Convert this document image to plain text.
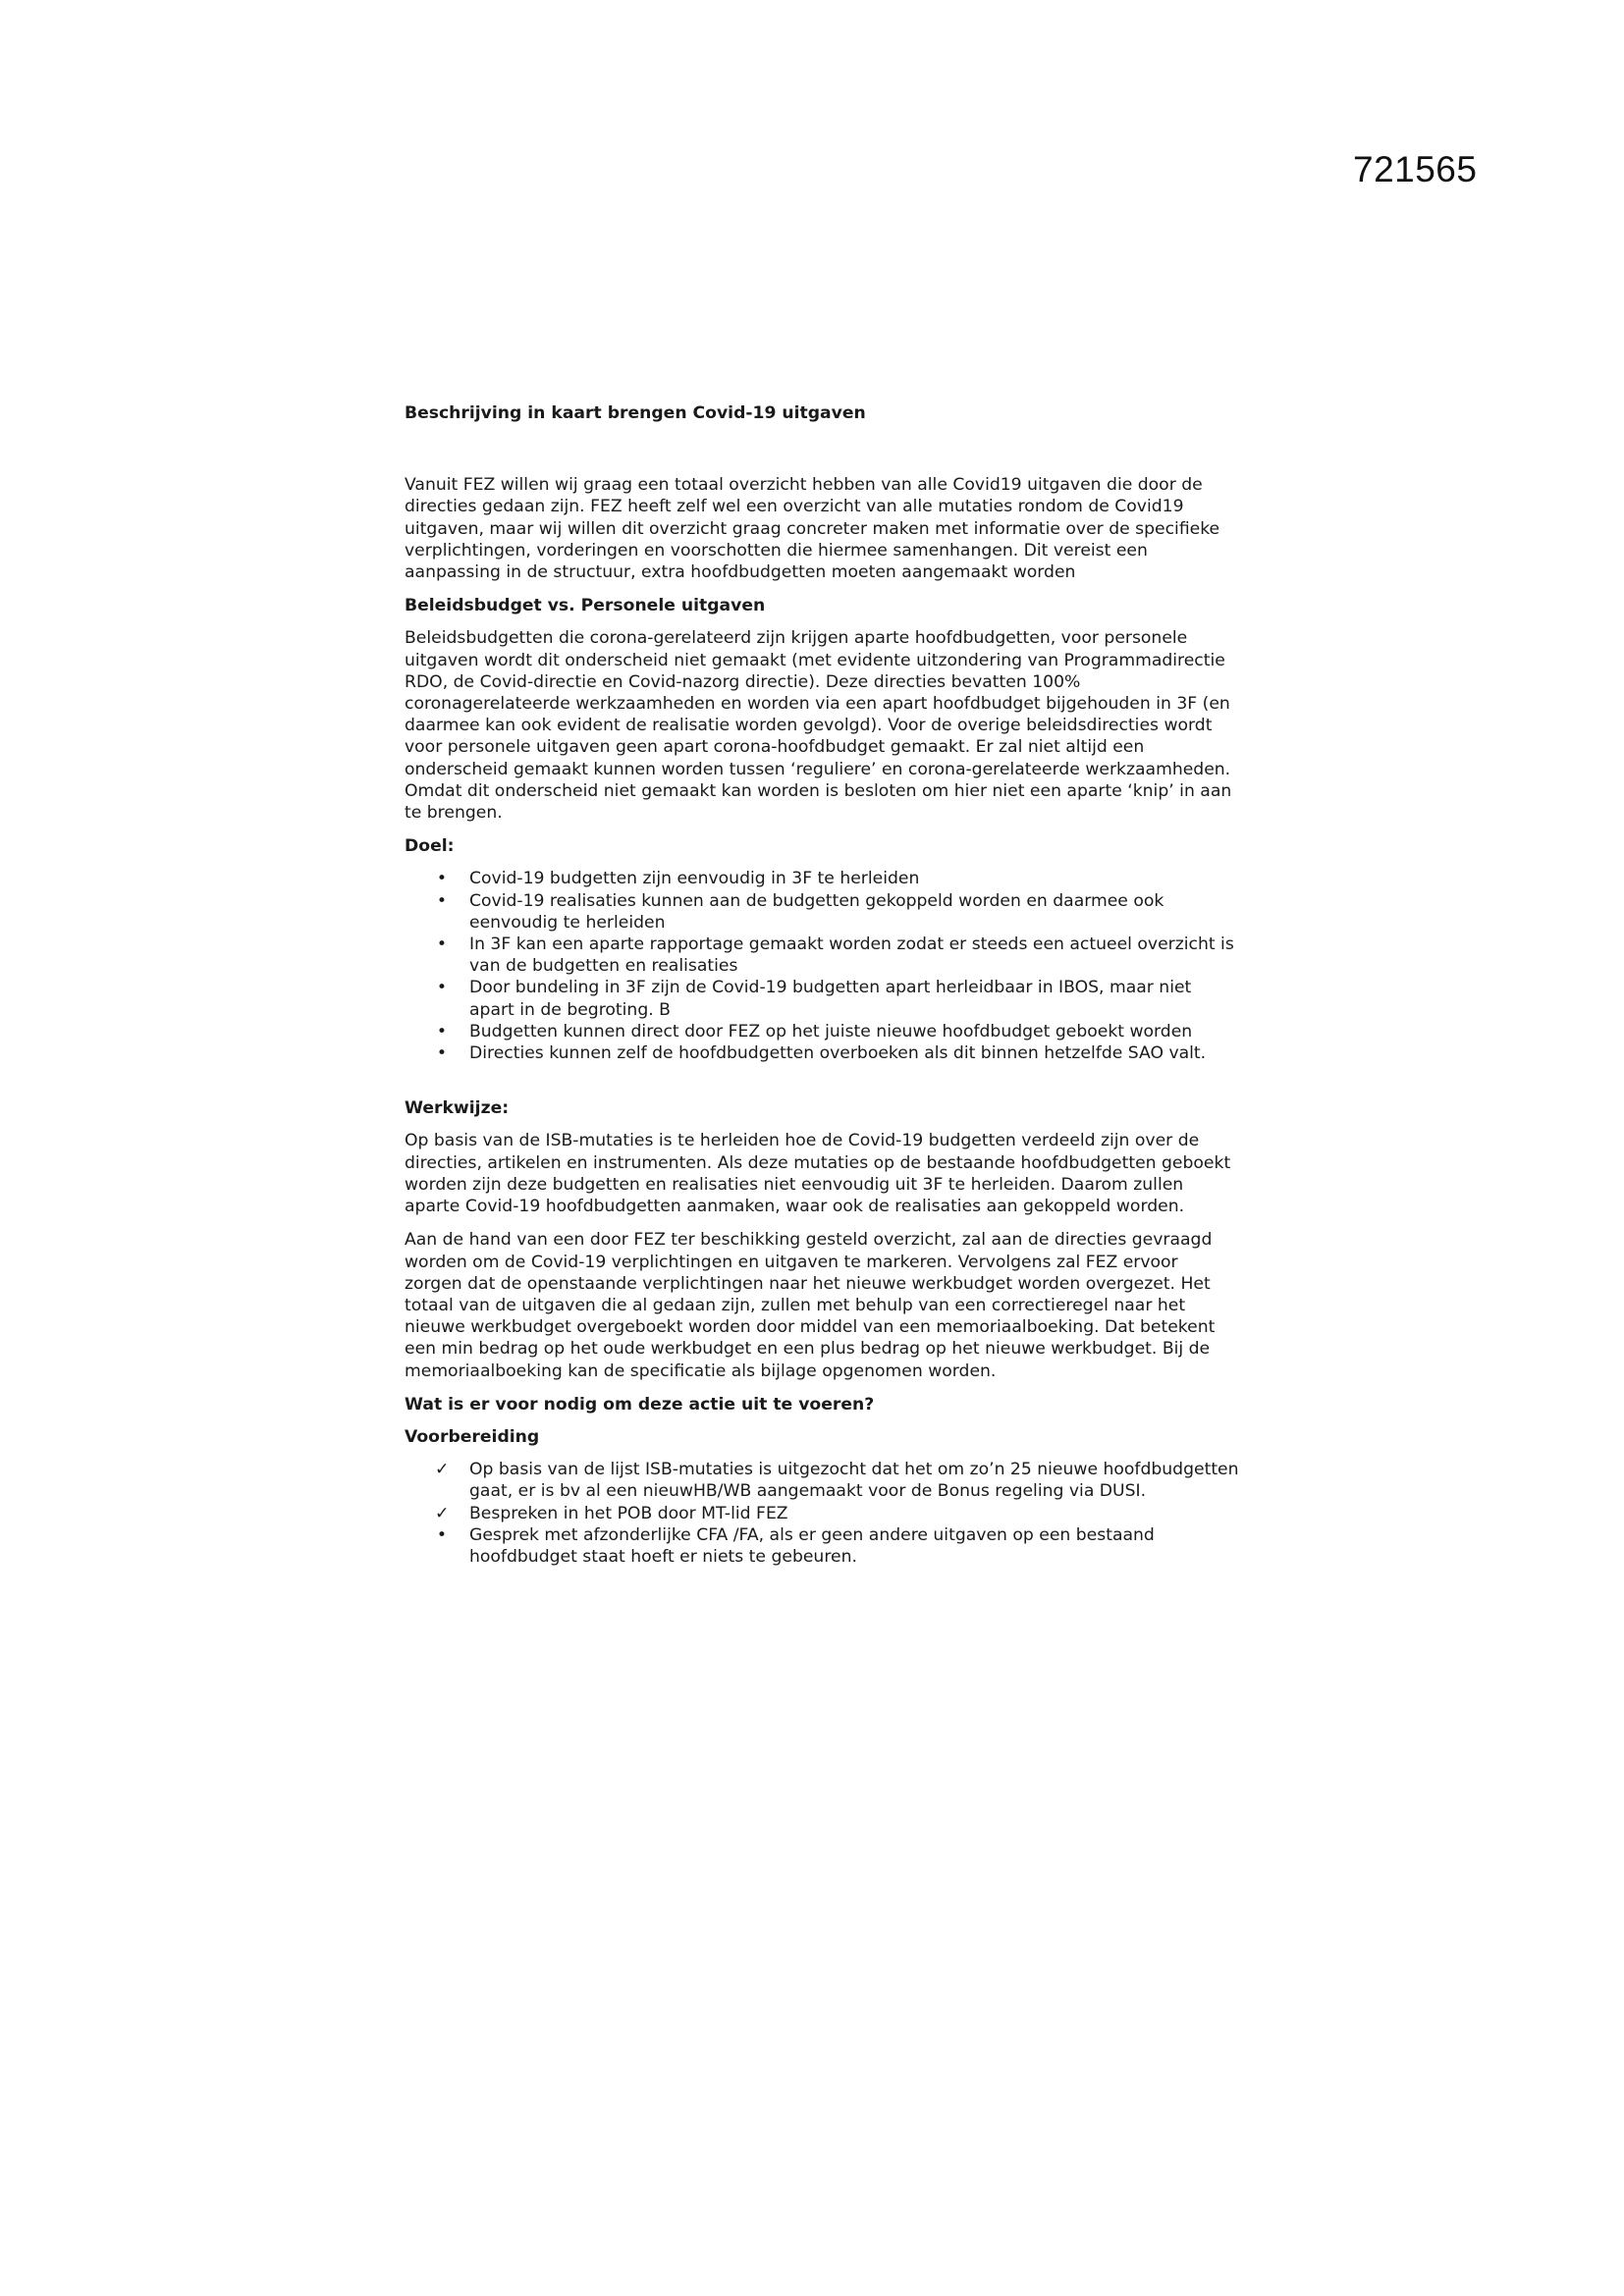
721565

Beschrijving in kaart brengen Covid-19 uitgaven

Vanuit FEZ willen wij graag een totaal overzicht hebben van alle Covid19 uitgaven die door de directies gedaan zijn. FEZ heeft zelf wel een overzicht van alle mutaties rondom de Covid19 uitgaven, maar wij willen dit overzicht graag concreter maken met informatie over de specifieke verplichtingen, vorderingen en voorschotten die hiermee samenhangen. Dit vereist een aanpassing in de structuur, extra hoofdbudgetten moeten aangemaakt worden

Beleidsbudget vs. Personele uitgaven

Beleidsbudgetten die corona-gerelateerd zijn krijgen aparte hoofdbudgetten, voor personele uitgaven wordt dit onderscheid niet gemaakt (met evidente uitzondering van Programmadirectie RDO, de Covid-directie en Covid-nazorg directie). Deze directies bevatten 100% coronagerelateerde werkzaamheden en worden via een apart hoofdbudget bijgehouden in 3F (en daarmee kan ook evident de realisatie worden gevolgd). Voor de overige beleidsdirecties wordt voor personele uitgaven geen apart corona-hoofdbudget gemaakt. Er zal niet altijd een onderscheid gemaakt kunnen worden tussen ‘reguliere’ en corona-gerelateerde werkzaamheden. Omdat dit onderscheid niet gemaakt kan worden is besloten om hier niet een aparte ‘knip’ in aan te brengen.

Doel:

• Covid-19 budgetten zijn eenvoudig in 3F te herleiden
• Covid-19 realisaties kunnen aan de budgetten gekoppeld worden en daarmee ook eenvoudig te herleiden
• In 3F kan een aparte rapportage gemaakt worden zodat er steeds een actueel overzicht is van de budgetten en realisaties
• Door bundeling in 3F zijn de Covid-19 budgetten apart herleidbaar in IBOS, maar niet apart in de begroting. B
• Budgetten kunnen direct door FEZ op het juiste nieuwe hoofdbudget geboekt worden
• Directies kunnen zelf de hoofdbudgetten overboeken als dit binnen hetzelfde SAO valt.

Werkwijze:

Op basis van de ISB-mutaties is te herleiden hoe de Covid-19 budgetten verdeeld zijn over de directies, artikelen en instrumenten. Als deze mutaties op de bestaande hoofdbudgetten geboekt worden zijn deze budgetten en realisaties niet eenvoudig uit 3F te herleiden. Daarom zullen aparte Covid-19 hoofdbudgetten aanmaken, waar ook de realisaties aan gekoppeld worden.

Aan de hand van een door FEZ ter beschikking gesteld overzicht, zal aan de directies gevraagd worden om de Covid-19 verplichtingen en uitgaven te markeren. Vervolgens zal FEZ ervoor zorgen dat de openstaande verplichtingen naar het nieuwe werkbudget worden overgezet. Het totaal van de uitgaven die al gedaan zijn, zullen met behulp van een correctieregel naar het nieuwe werkbudget overgeboekt worden door middel van een memoriaalboeking. Dat betekent een min bedrag op het oude werkbudget en een plus bedrag op het nieuwe werkbudget. Bij de memoriaalboeking kan de specificatie als bijlage opgenomen worden.

Wat is er voor nodig om deze actie uit te voeren?

Voorbereiding

✓ Op basis van de lijst ISB-mutaties is uitgezocht dat het om zo’n 25 nieuwe hoofdbudgetten gaat, er is bv al een nieuwHB/WB aangemaakt voor de Bonus regeling via DUSI.
✓ Bespreken in het POB door MT-lid FEZ
• Gesprek met afzonderlijke CFA /FA, als er geen andere uitgaven op een bestaand hoofdbudget staat hoeft er niets te gebeuren.
